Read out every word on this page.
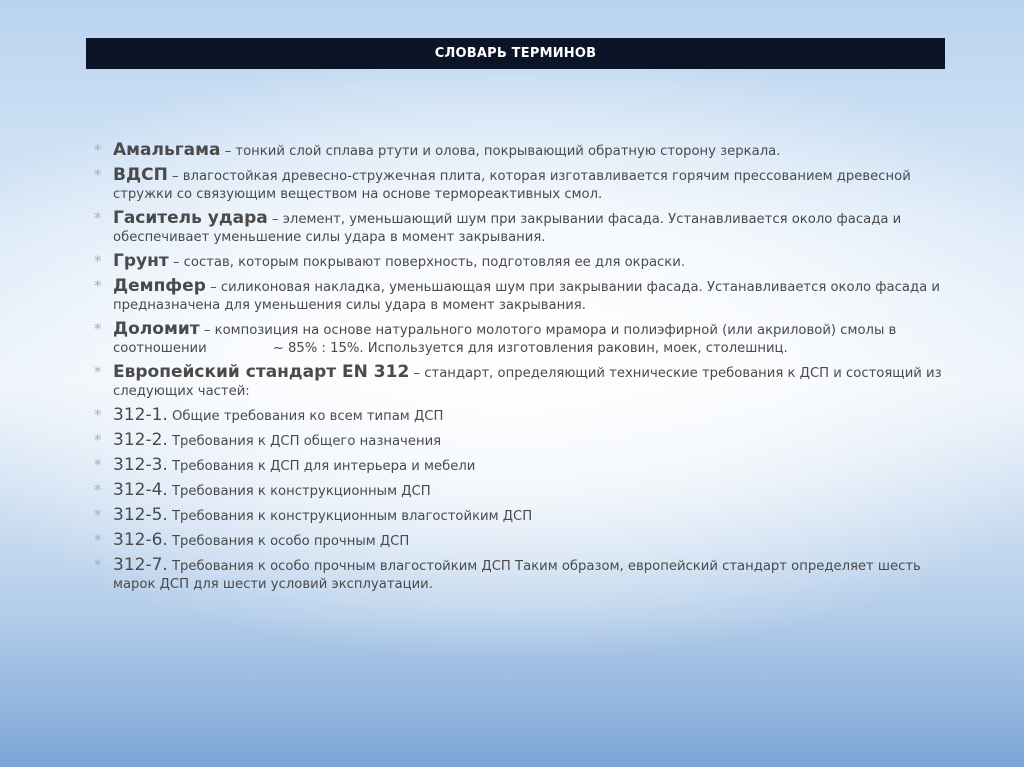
СЛОВАРЬ ТЕРМИНОВ
* Амальгама – тонкий слой сплава ртути и олова, покрывающий обратную сторону зеркала.
* ВДСП – влагостойкая древесно-стружечная плита, которая изготавливается горячим прессованием древесной стружки со связующим веществом на основе термореактивных смол.
* Гаситель удара – элемент, уменьшающий шум при закрывании фасада. Устанавливается около фасада и обеспечивает уменьшение силы удара в момент закрывания.
* Грунт – состав, которым покрывают поверхность, подготовляя ее для окраски.
* Демпфер – силиконовая накладка, уменьшающая шум при закрывании фасада. Устанавливается около фасада и предназначена для уменьшения силы удара в момент закрывания.
* Доломит – композиция на основе натурального молотого мрамора и полиэфирной (или акриловой) смолы в соотношении	~ 85% : 15%. Используется для изготовления раковин, моек, столешниц.
* Европейский стандарт EN 312 – стандарт, определяющий технические требования к ДСП и состоящий из следующих частей:
* 312-1. Общие требования ко всем типам ДСП
* 312-2. Требования к ДСП общего назначения
* 312-3. Требования к ДСП для интерьера и мебели
* 312-4. Требования к конструкционным ДСП
* 312-5. Требования к конструкционным влагостойким ДСП
* 312-6. Требования к особо прочным ДСП
* 312-7. Требования к особо прочным влагостойким ДСП Таким образом, европейский стандарт определяет шесть марок ДСП для шести условий эксплуатации.
